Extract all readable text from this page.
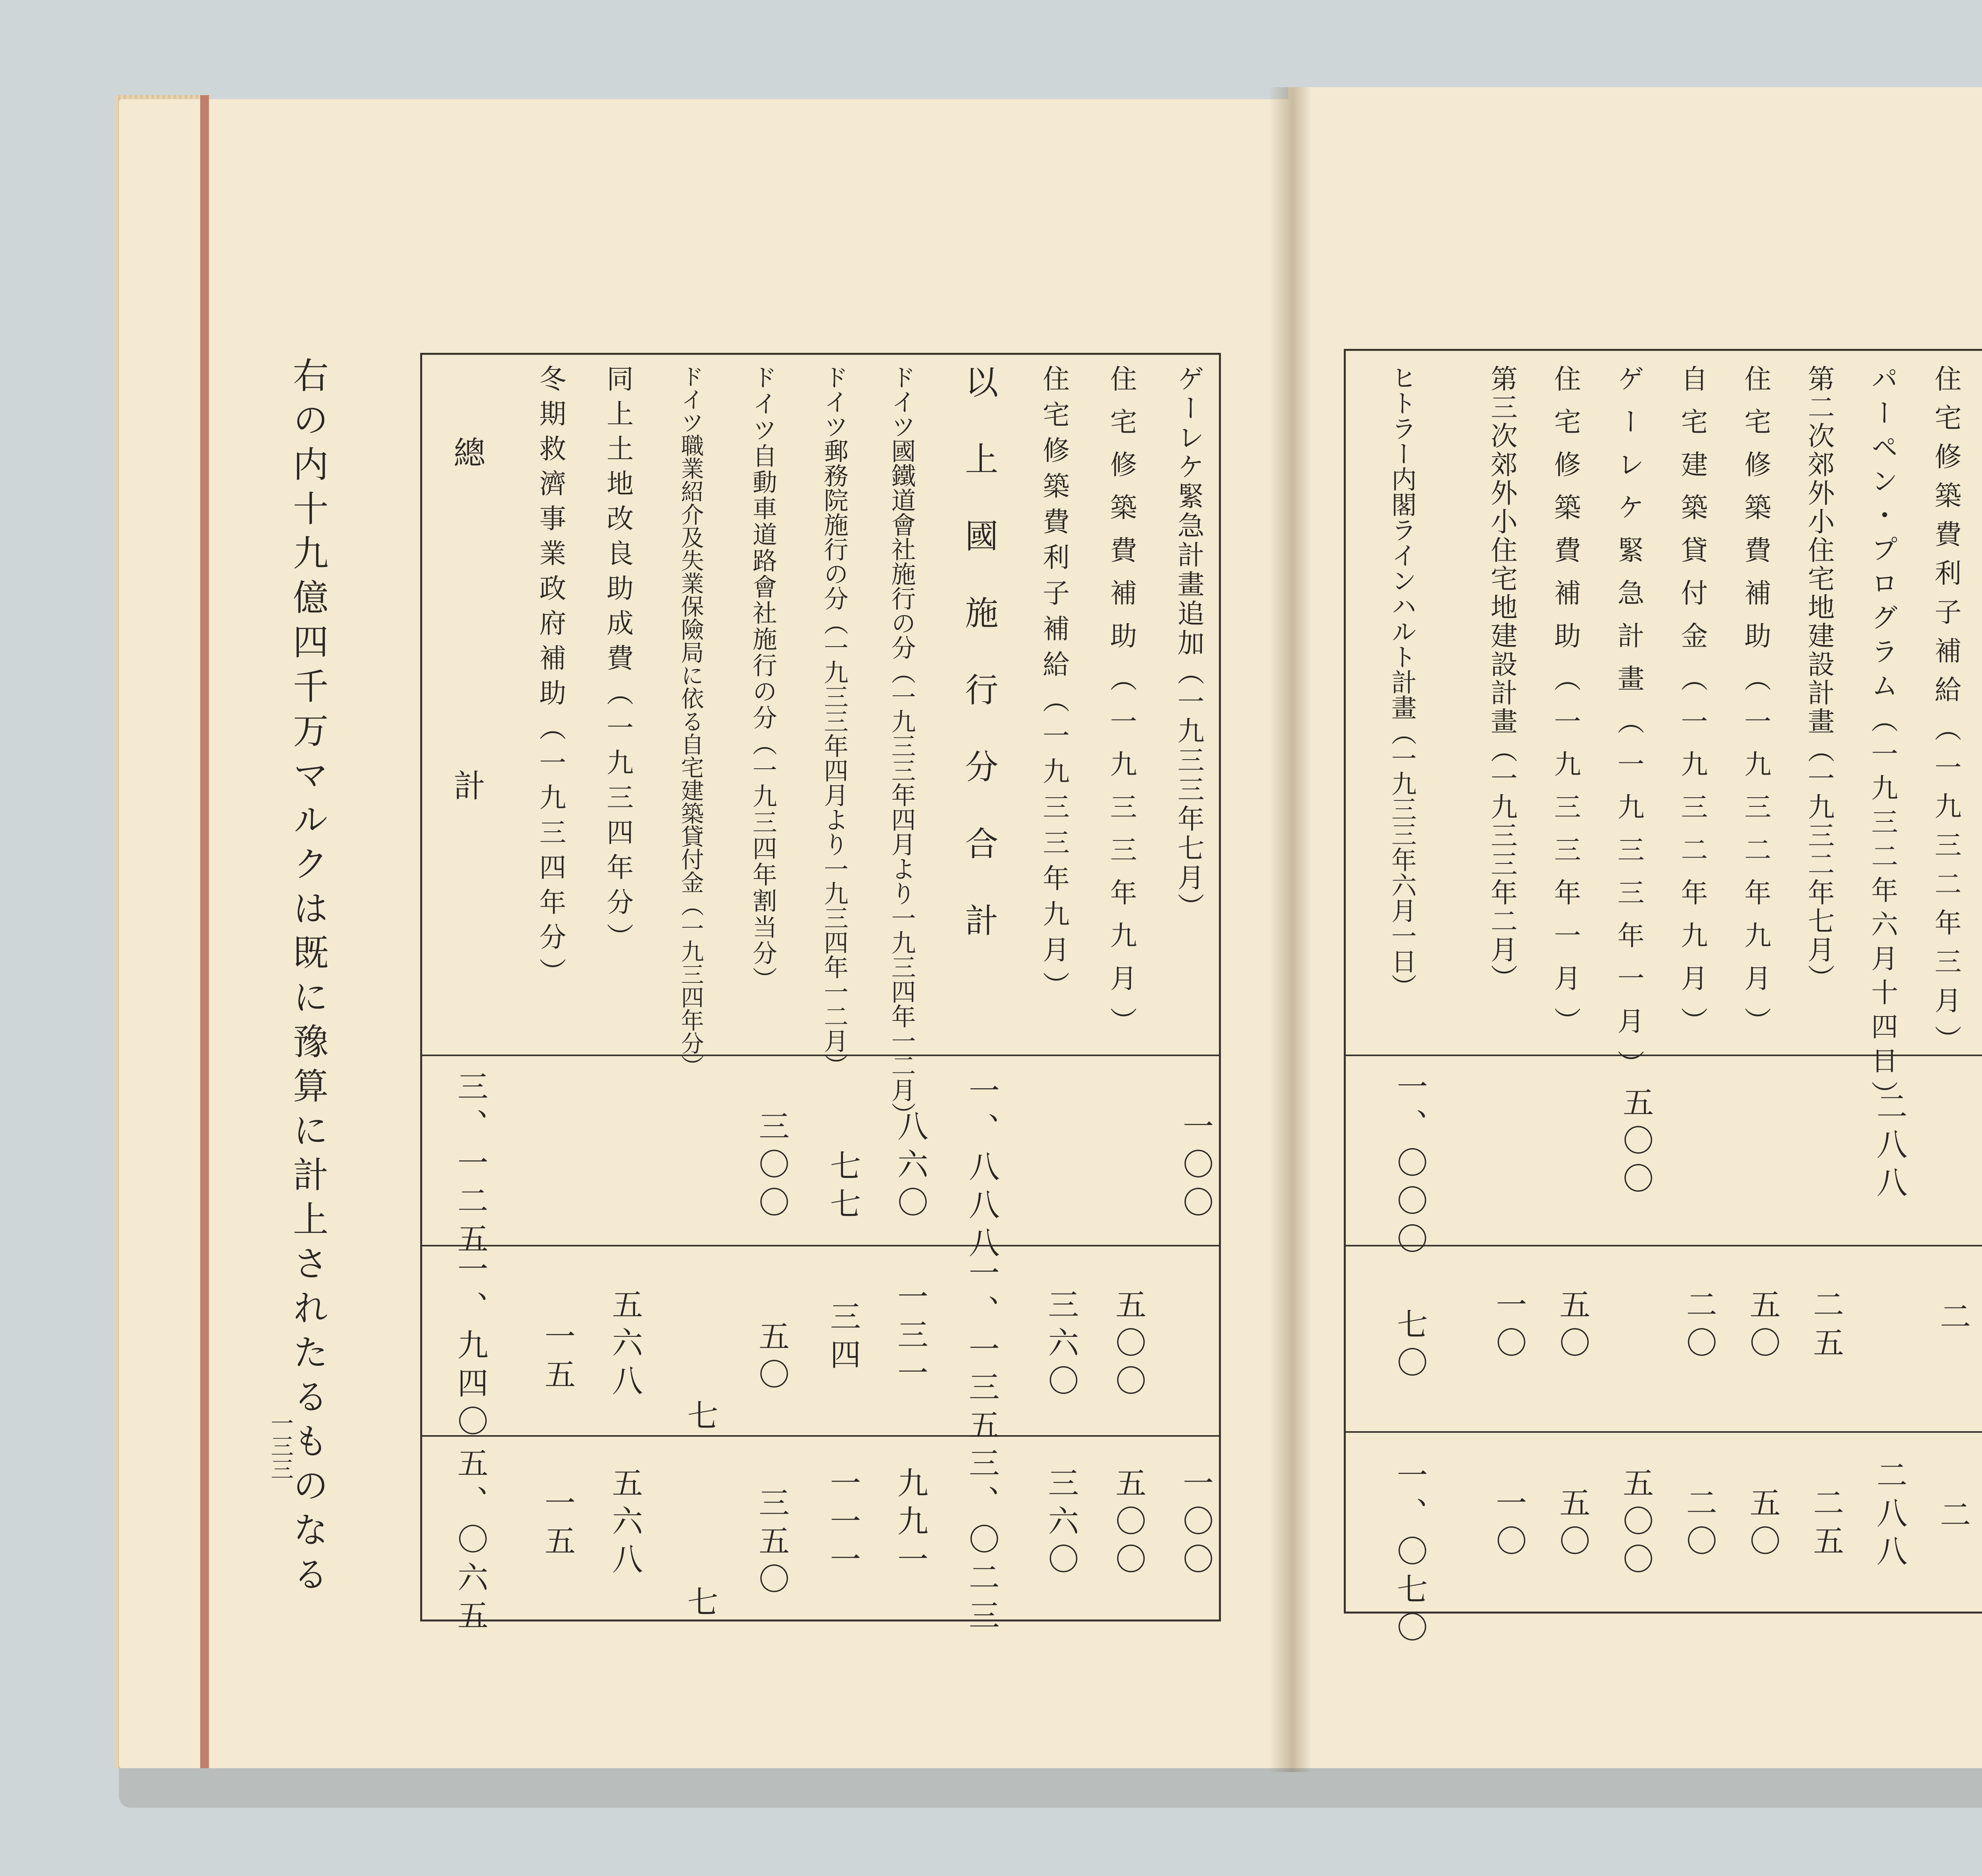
住宅修築費利子補給（一九三二年三月）
二
二
パーペン・プログラム（一九三二年六月十四日）
二八八
二八八
第二次郊外小住宅地建設計畫（一九三二年七月）
二五
二五
住宅修築費補助（一九三二年九月）
五〇
五〇
自宅建築貸付金（一九三二年九月）
二〇
二〇
ゲーレケ緊急計畫（一九三三年一月）
五〇〇
五〇〇
住宅修築費補助（一九三三年一月）
五〇
五〇
第三次郊外小住宅地建設計畫（一九三三年二月）
一〇
一〇
ヒトラー内閣ラインハルト計畫（一九三三年六月一日）
一、〇〇〇
七〇
一、〇七〇
一三三
右の内十九億四千万マルクは既に豫算に計上されたるものなる	ゲーレケ緊急計畫追加（一九三三年七月）
一〇〇
一〇〇
住宅修築費補助（一九三三年九月）
五〇〇
五〇〇
住宅修築費利子補給（一九三三年九月）
三六〇
三六〇
以上國施行分合計
一、八八八
一、一三五
三、〇二三
ドイツ國鐵道會社施行の分（一九三三年四月より一九三四年一二月）
八六〇
一三一
九九一
ドイツ郵務院施行の分（一九三三年四月より一九三四年一二月）
七七
三四
一一一
ドイツ自動車道路會社施行の分（一九三四年割当分）
三〇〇
五〇
三五〇
ドイツ職業紹介及失業保險局に依る自宅建築貸付金（一九三四年分）
七
七
同上土地改良助成費（一九三四年分）
五六八
五六八
冬期救濟事業政府補助（一九三四年分）
一五
一五
總　　計
三、一二五
一、九四〇
五、〇六五
